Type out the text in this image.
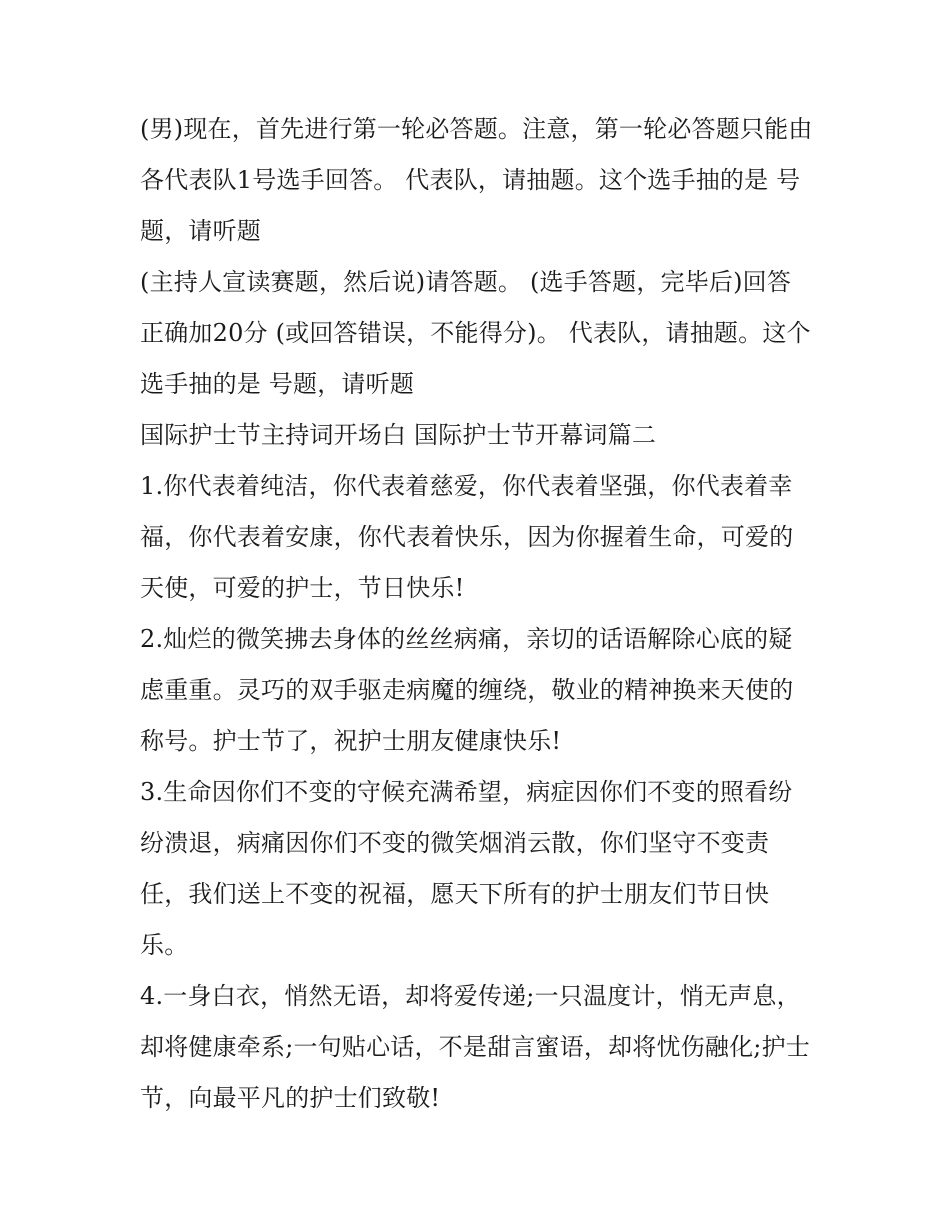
(男)现在，首先进行第一轮必答题。注意，第一轮必答题只能由各代表队1号选手回答。 代表队，请抽题。这个选手抽的是 号题，请听题

(主持人宣读赛题，然后说)请答题。 (选手答题，完毕后)回答正确加20分 (或回答错误，不能得分)。 代表队，请抽题。这个选手抽的是 号题，请听题

国际护士节主持词开场白 国际护士节开幕词篇二

1.你代表着纯洁，你代表着慈爱，你代表着坚强，你代表着幸福，你代表着安康，你代表着快乐，因为你握着生命，可爱的天使，可爱的护士，节日快乐!

2.灿烂的微笑拂去身体的丝丝病痛，亲切的话语解除心底的疑虑重重。灵巧的双手驱走病魔的缠绕，敬业的精神换来天使的称号。护士节了，祝护士朋友健康快乐!

3.生命因你们不变的守候充满希望，病症因你们不变的照看纷纷溃退，病痛因你们不变的微笑烟消云散，你们坚守不变责任，我们送上不变的祝福，愿天下所有的护士朋友们节日快乐。

4.一身白衣，悄然无语，却将爱传递;一只温度计，悄无声息，却将健康牵系;一句贴心话，不是甜言蜜语，却将忧伤融化;护士节，向最平凡的护士们致敬!
